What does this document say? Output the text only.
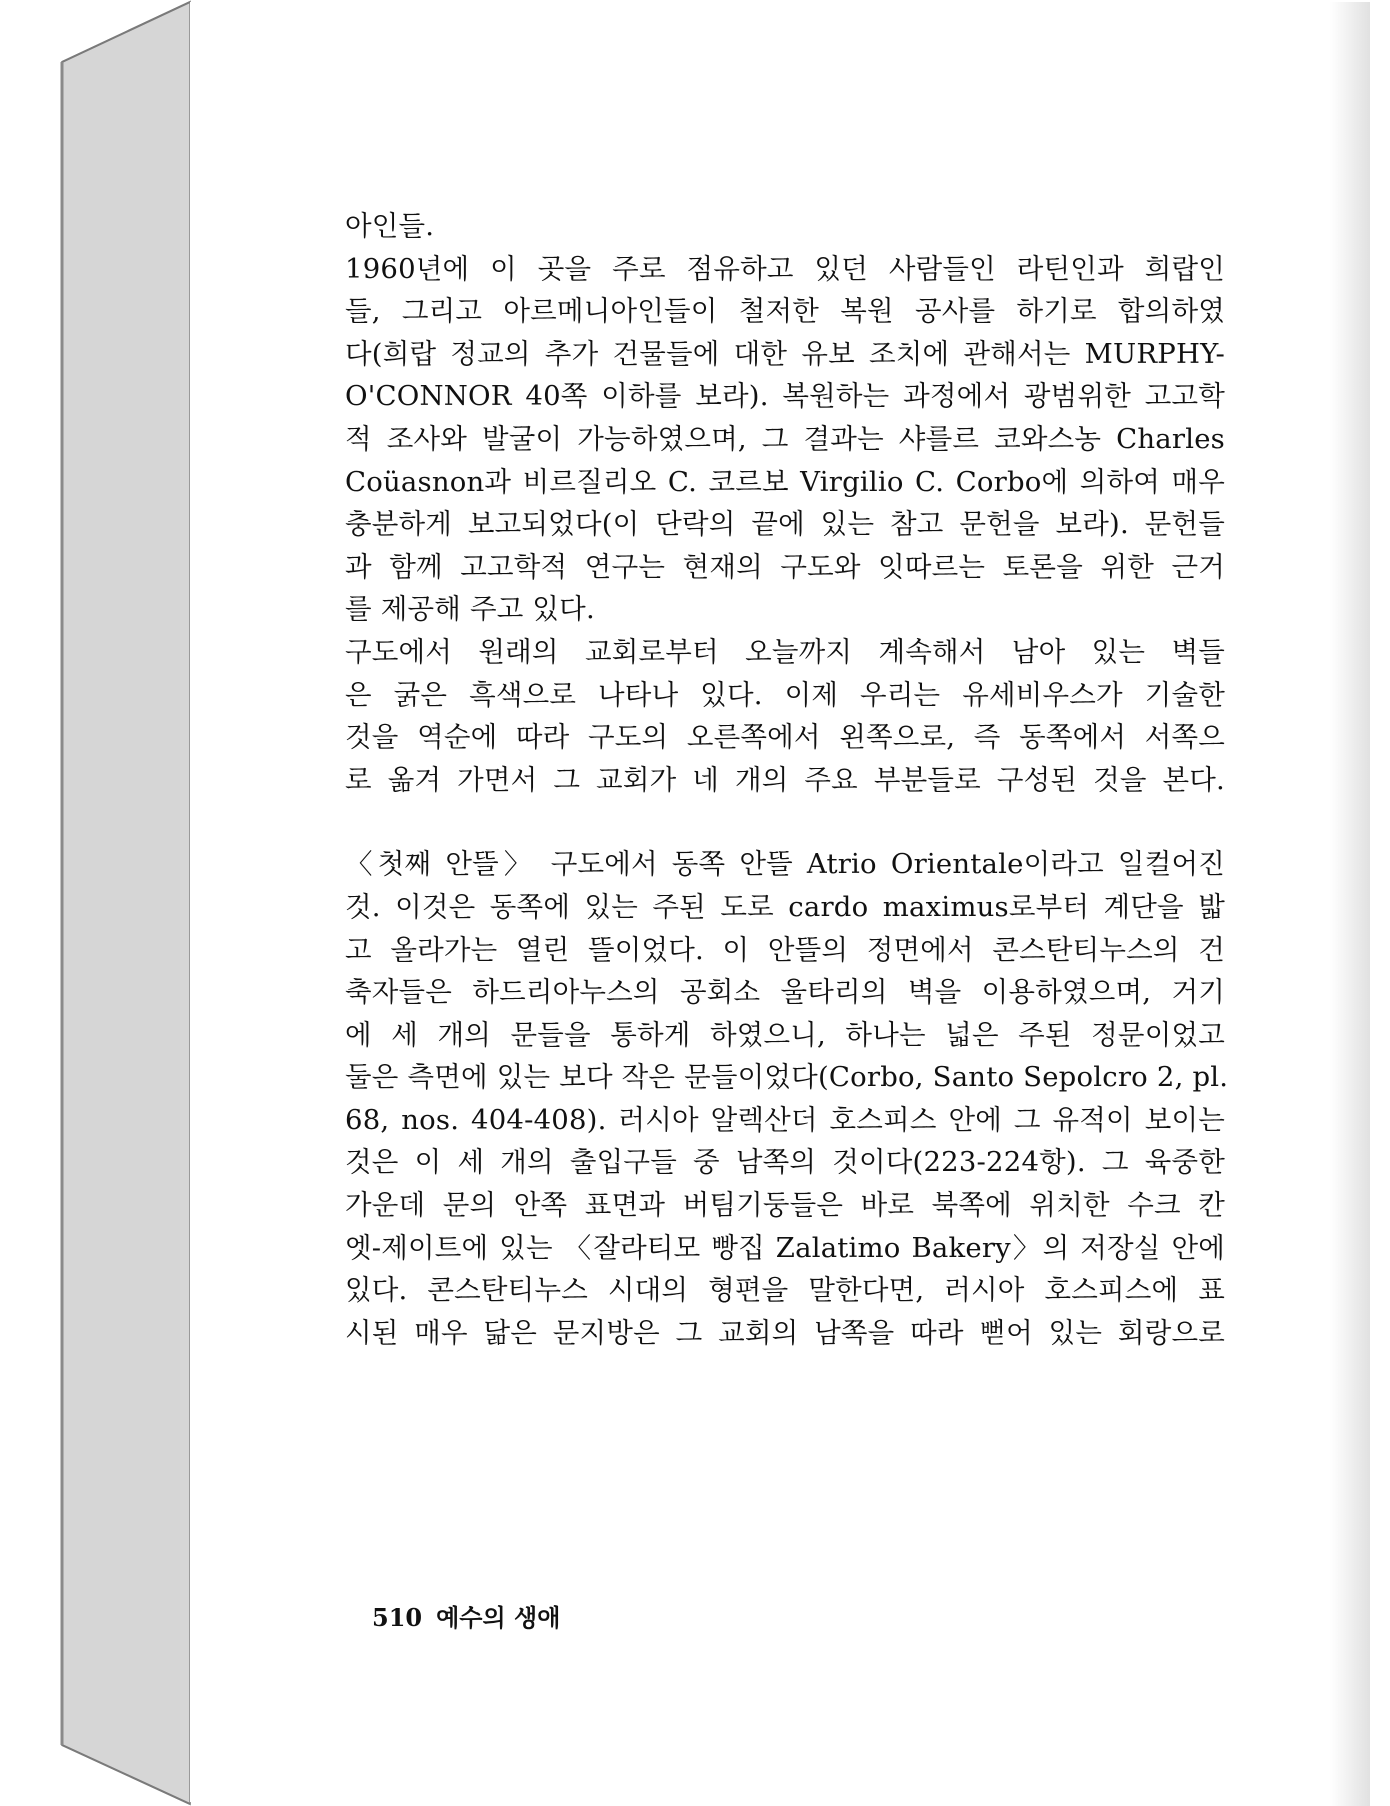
아인들.

1960년에 이 곳을 주로 점유하고 있던 사람들인 라틴인과 희랍인
들, 그리고 아르메니아인들이 철저한 복원 공사를 하기로 합의하였
다(희랍 정교의 추가 건물들에 대한 유보 조치에 관해서는 MURPHY-
O'CONNOR 40쪽 이하를 보라). 복원하는 과정에서 광범위한 고고학
적 조사와 발굴이 가능하였으며, 그 결과는 샤를르 코와스농 Charles
Coüasnon과 비르질리오 C. 코르보 Virgilio C. Corbo에 의하여 매우
충분하게 보고되었다(이 단락의 끝에 있는 참고 문헌을 보라). 문헌들
과 함께 고고학적 연구는 현재의 구도와 잇따르는 토론을 위한 근거
를 제공해 주고 있다.

구도에서 원래의 교회로부터 오늘까지 계속해서 남아 있는 벽들
은 굵은 흑색으로 나타나 있다. 이제 우리는 유세비우스가 기술한
것을 역순에 따라 구도의 오른쪽에서 왼쪽으로, 즉 동쪽에서 서쪽으
로 옮겨 가면서 그 교회가 네 개의 주요 부분들로 구성된 것을 본다.

〈첫째 안뜰〉 구도에서 동쪽 안뜰 Atrio Orientale이라고 일컬어진
것. 이것은 동쪽에 있는 주된 도로 cardo maximus로부터 계단을 밟
고 올라가는 열린 뜰이었다. 이 안뜰의 정면에서 콘스탄티누스의 건
축자들은 하드리아누스의 공회소 울타리의 벽을 이용하였으며, 거기
에 세 개의 문들을 통하게 하였으니, 하나는 넓은 주된 정문이었고
둘은 측면에 있는 보다 작은 문들이었다(Corbo, Santo Sepolcro 2, pl.
68, nos. 404-408). 러시아 알렉산더 호스피스 안에 그 유적이 보이는
것은 이 세 개의 출입구들 중 남쪽의 것이다(223-224항). 그 육중한
가운데 문의 안쪽 표면과 버팀기둥들은 바로 북쪽에 위치한 수크 칸
엣-제이트에 있는 〈잘라티모 빵집 Zalatimo Bakery〉의 저장실 안에
있다. 콘스탄티누스 시대의 형편을 말한다면, 러시아 호스피스에 표
시된 매우 닮은 문지방은 그 교회의 남쪽을 따라 뻗어 있는 회랑으로

510 예수의 생애
